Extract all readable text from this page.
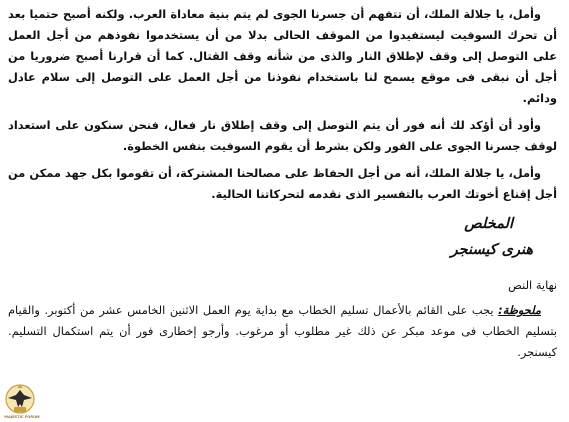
وأمل، يا جلالة الملك، أن تتفهم أن جسرنا الجوى لم يتم بنية معاداة العرب. ولكنه أصبح حتميا بعد أن تحرك السوفيت ليستفيدوا من الموقف الحالى بدلا من أن يستخدموا نفوذهم من أجل العمل على التوصل إلى وقف لإطلاق النار والذى من شأنه وقف القتال. كما أن قرارنا أصبح ضروريا من أجل أن نبقى فى موقع يسمح لنا باستخدام نفوذنا من أجل العمل على التوصل إلى سلام عادل ودائم.

وأود أن أؤكد لك أنه فور أن يتم التوصل إلى وقف إطلاق نار فعال، فنحن سنكون على استعداد لوقف جسرنا الجوى على الفور ولكن بشرط أن يقوم السوفيت بنفس الخطوة.

وأمل، يا جلالة الملك، أنه من أجل الحفاظ على مصالحنا المشتركة، أن تقوموا بكل جهد ممكن من أجل إقناع أخوتك العرب بالتفسير الذى نقدمه لتحركاتنا الحالية.

المخلص

هنرى كيسنجر

نهاية النص

ملحوظة: يجب على القائم بالأعمال تسليم الخطاب مع بداية يوم العمل الاثنين الخامس عشر من أكتوبر. والقيام بتسليم الخطاب فى موعد مبكر عن ذلك غير مطلوب أو مرغوب. وأرجو إخطارى فور أن يتم استكمال التسليم. كيسنجر.

MAJESTIC FORUM
